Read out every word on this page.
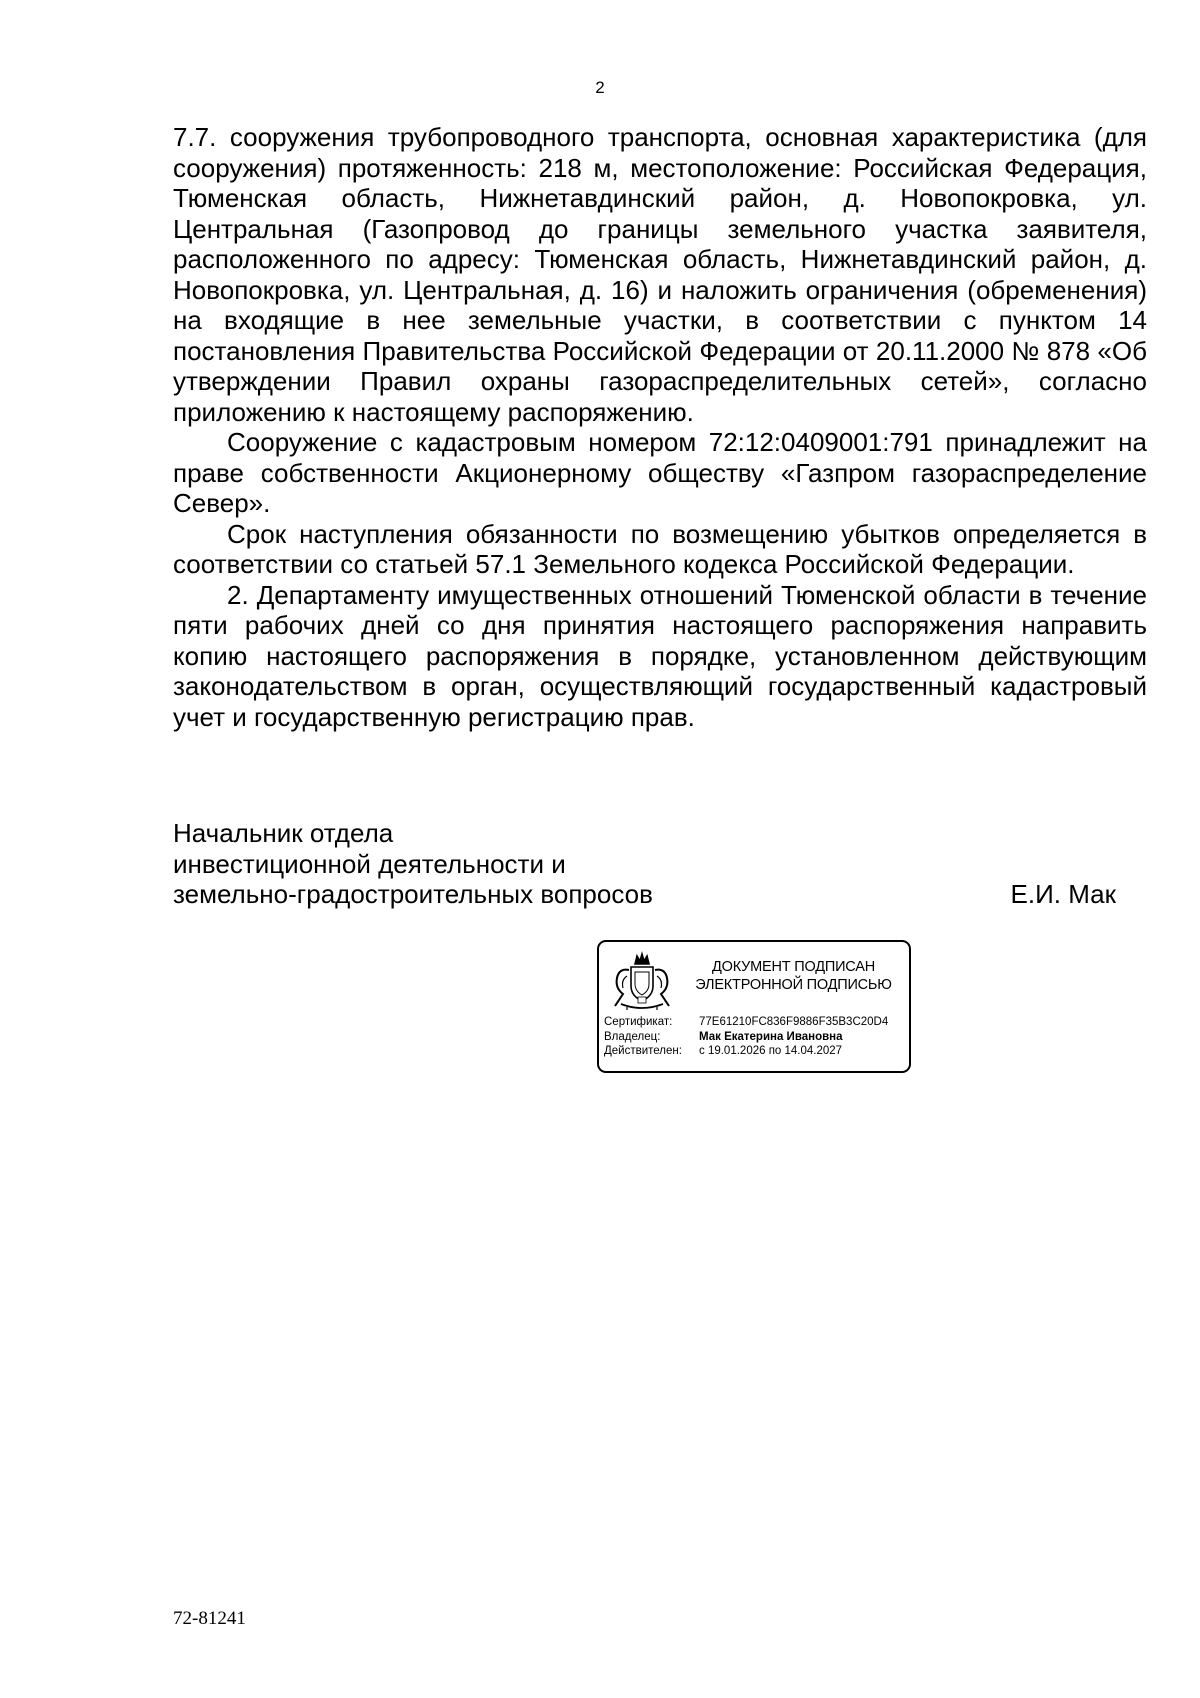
2

7.7. сооружения трубопроводного транспорта, основная характеристика (для сооружения) протяженность: 218 м, местоположение: Российская Федерация, Тюменская область, Нижнетавдинский район, д. Новопокровка, ул. Центральная (Газопровод до границы земельного участка заявителя, расположенного по адресу: Тюменская область, Нижнетавдинский район, д. Новопокровка, ул. Центральная, д. 16) и наложить ограничения (обременения) на входящие в нее земельные участки, в соответствии с пунктом 14 постановления Правительства Российской Федерации от 20.11.2000 № 878 «Об утверждении Правил охраны газораспределительных сетей», согласно приложению к настоящему распоряжению.

Сооружение с кадастровым номером 72:12:0409001:791 принадлежит на праве собственности Акционерному обществу «Газпром газораспределение Север».

Срок наступления обязанности по возмещению убытков определяется в соответствии со статьей 57.1 Земельного кодекса Российской Федерации.

2. Департаменту имущественных отношений Тюменской области в течение пяти рабочих дней со дня принятия настоящего распоряжения направить копию настоящего распоряжения в порядке, установленном действующим законодательством в орган, осуществляющий государственный кадастровый учет и государственную регистрацию прав.

Начальник отдела
инвестиционной деятельности и
земельно-градостроительных вопросов	Е.И. Мак
ДОКУМЕНТ ПОДПИСАН
ЭЛЕКТРОННОЙ ПОДПИСЬЮ
Сертификат:	77E61210FC836F9886F35B3C20D4
Владелец:	Мак Екатерина Ивановна
Действителен:	с 19.01.2026 по 14.04.2027
72-81241
